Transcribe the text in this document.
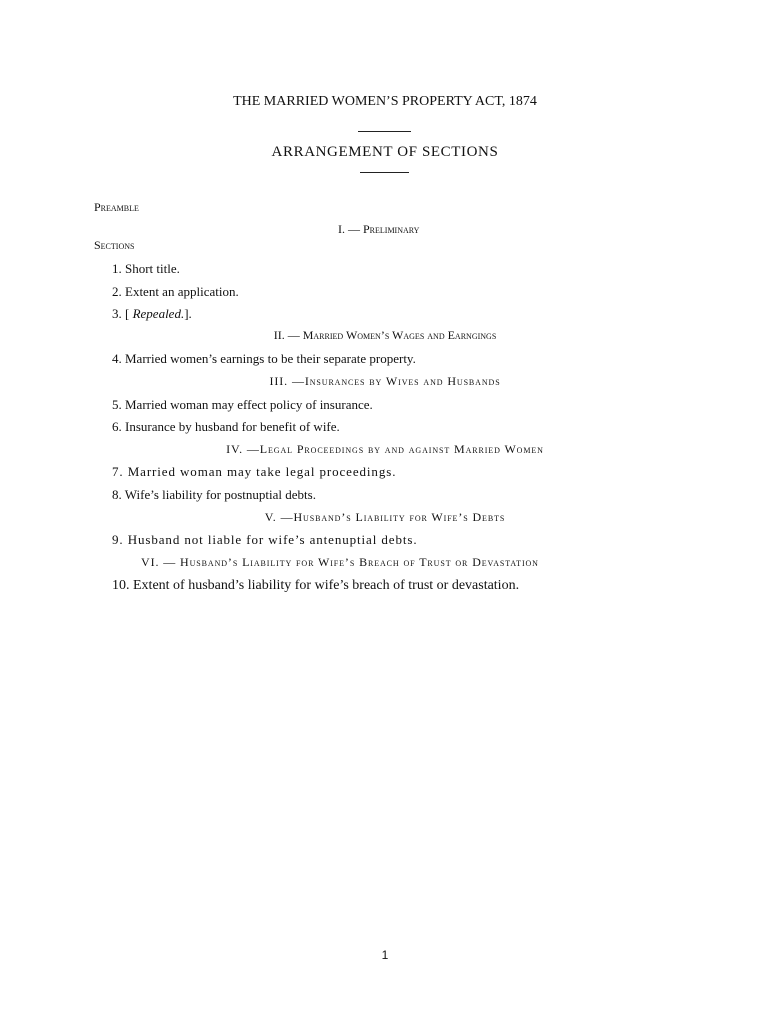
THE MARRIED WOMEN’S PROPERTY ACT, 1874
ARRANGEMENT OF SECTIONS
Preamble
I. — Preliminary
Sections
1. Short title.
2. Extent an application.
3. [ Repealed.].
II. — Married Women’s Wages and Earngings
4. Married women’s earnings to be their separate property.
III. —Insurances by Wives and Husbands
5. Married woman may effect policy of insurance.
6. Insurance by husband for benefit of wife.
IV. —Legal Proceedings by and against Married Women
7. Married woman may take legal proceedings.
8. Wife’s liability for postnuptial debts.
V. —Husband’s Liability for Wife’s Debts
9. Husband not liable for wife’s antenuptial debts.
VI. — Husband’s Liability for Wife’s Breach of Trust or Devastation
10. Extent of husband’s liability for wife’s breach of trust or devastation.
1
